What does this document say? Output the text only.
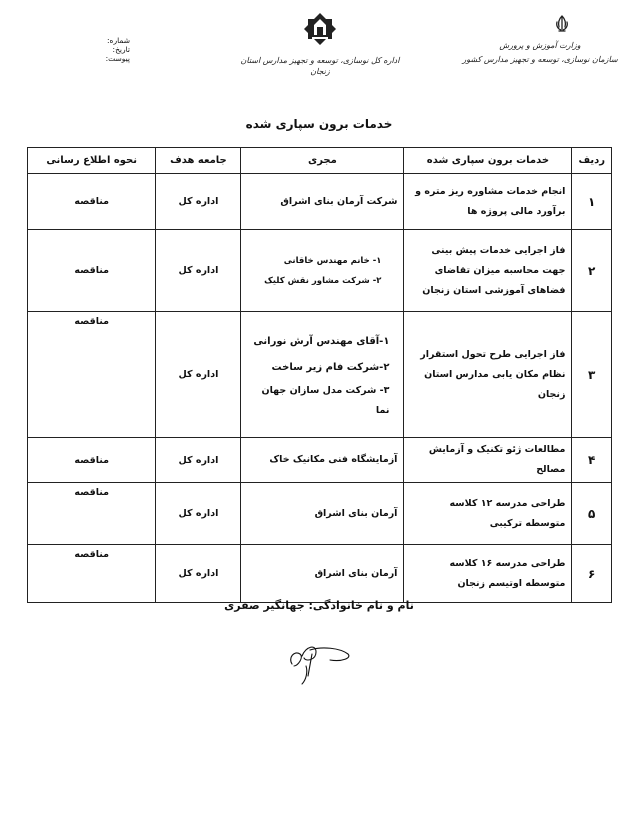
وزارت آموزش و پرورش
سازمان نوسازی، توسعه و تجهیز مدارس کشور
اداره کل نوسازی، توسعه و تجهیز مدارس استان زنجان
شماره:
تاریخ:
پیوست:
خدمات برون سپاری شده
ردیف	خدمات برون سپاری شده	مجری	جامعه هدف	نحوه اطلاع رسانی
۱	انجام خدمات مشاوره ریز متره و برآورد مالی پروژه ها	شرکت آرمان بنای اشراق	اداره کل	مناقصه
۲	فاز اجرایی خدمات پیش بینی جهت محاسبه میزان تقاضای فضاهای آموزشی استان زنجان	۱- خانم مهندس خاقانی
۲- شرکت مشاور نقش کلیک	اداره کل	مناقصه
۳	فاز اجرایی طرح تحول استقرار نظام مکان یابی مدارس استان زنجان	۱-آقای مهندس آرش نورانی
۲-شرکت فام زیر ساخت
۳- شرکت مدل سازان جهان نما	اداره کل	مناقصه
۴	مطالعات ژئو تکنیک و آزمایش مصالح	آزمایشگاه فنی مکانیک خاک	اداره کل	مناقصه
۵	طراحی مدرسه ۱۲ کلاسه متوسطه ترکیبی	آرمان بنای اشراق	اداره کل	مناقصه
۶	طراحی مدرسه ۱۶ کلاسه متوسطه اوتیسم زنجان	آرمان بنای اشراق	اداره کل	مناقصه
نام و نام خانوادگی: جهانگیر صفری
